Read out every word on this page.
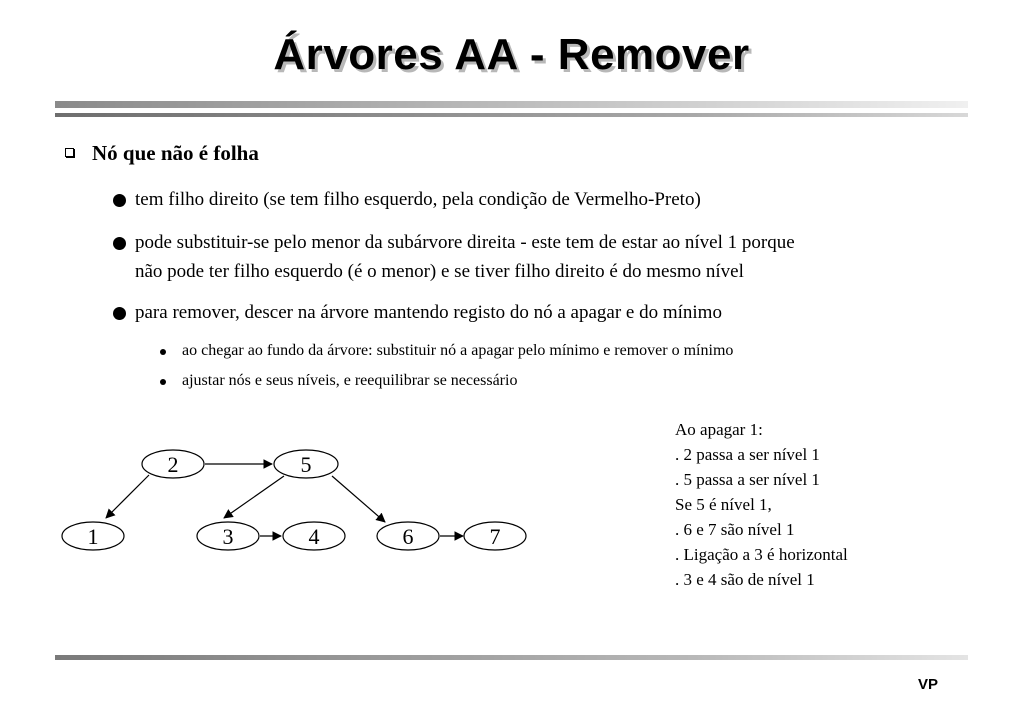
Árvores AA - Remover
Nó que não é folha
tem filho direito (se tem filho esquerdo, pela condição de Vermelho-Preto)
pode substituir-se pelo menor da subárvore direita - este tem de estar ao nível 1 porque
não pode ter filho esquerdo (é o menor) e se tiver filho direito é do mesmo nível
para remover, descer na árvore mantendo registo do nó a apagar e do mínimo
ao chegar ao fundo da árvore: substituir nó a apagar pelo mínimo e remover o mínimo
ajustar nós e seus níveis, e reequilibrar se necessário
2	5
1	3	4	6	7
Ao apagar 1:
. 2 passa a ser nível 1
. 5 passa a ser nível 1
Se 5 é nível 1,
. 6 e 7 são nível 1
. Ligação a 3 é horizontal
. 3 e 4 são de nível 1
VP
